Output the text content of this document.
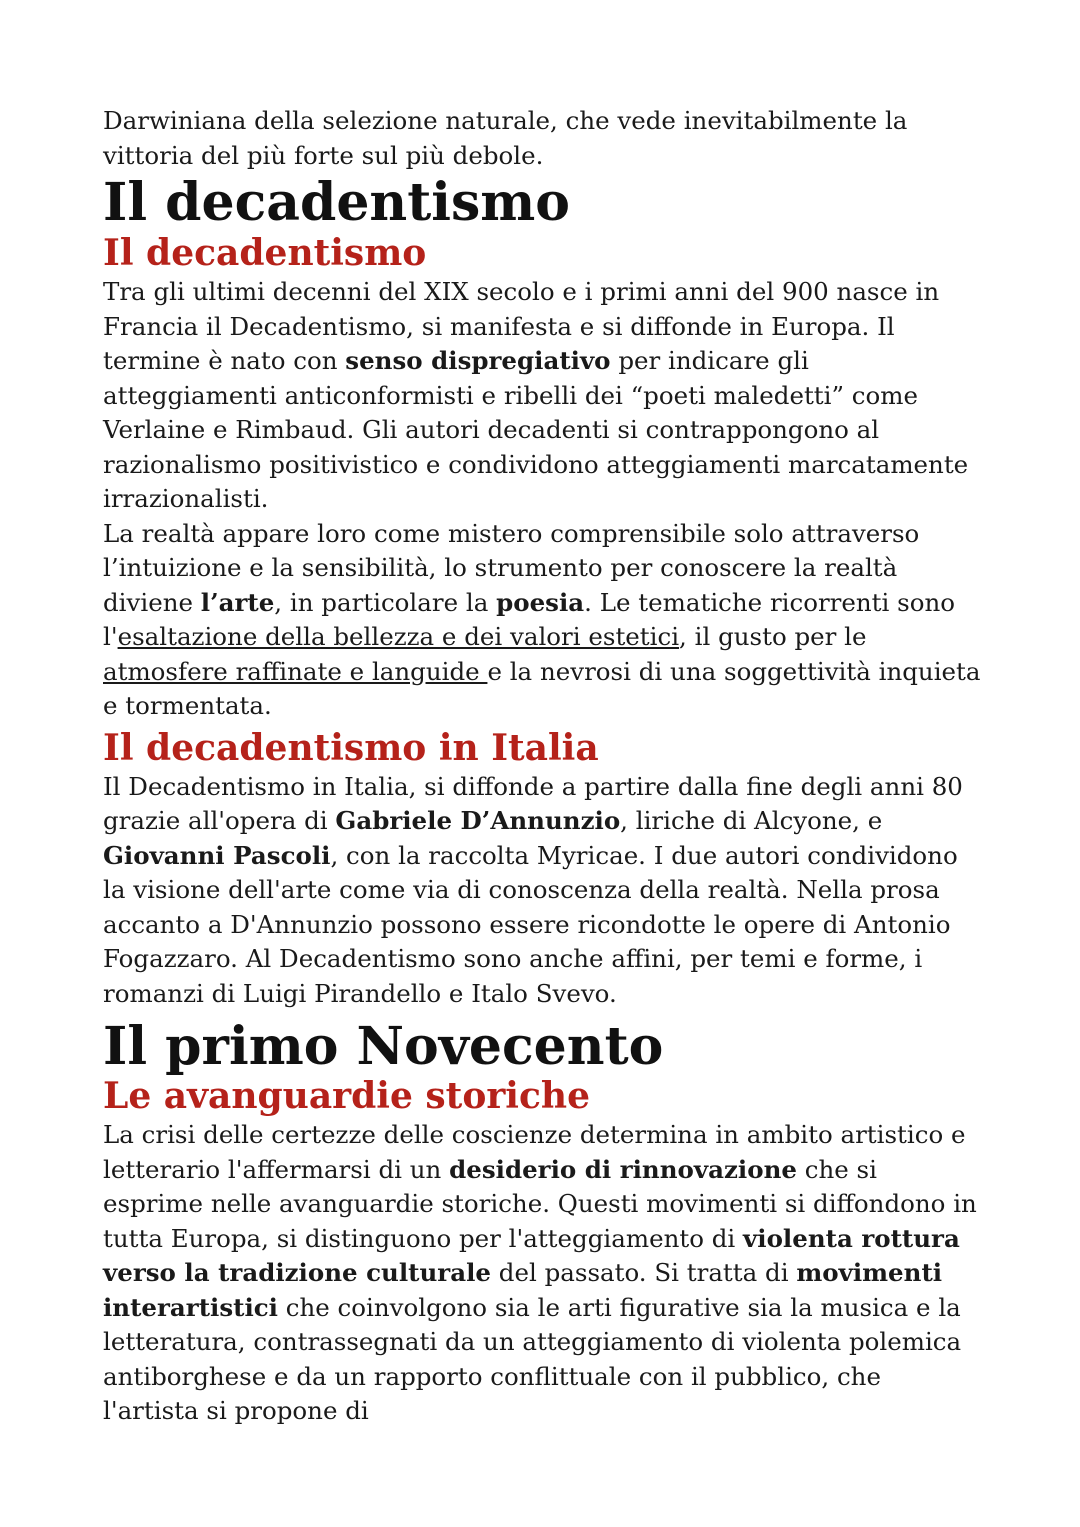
Darwiniana della selezione naturale, che vede inevitabilmente la vittoria del più forte sul più debole.

Il decadentismo
Il decadentismo

Tra gli ultimi decenni del XIX secolo e i primi anni del 900 nasce in Francia il Decadentismo, si manifesta e si diffonde in Europa. Il termine è nato con senso dispregiativo per indicare gli atteggiamenti anticonformisti e ribelli dei “poeti maledetti” come Verlaine e Rimbaud. Gli autori decadenti si contrappongono al razionalismo positivistico e condividono atteggiamenti marcatamente irrazionalisti.

La realtà appare loro come mistero comprensibile solo attraverso l’intuizione e la sensibilità, lo strumento per conoscere la realtà diviene l’arte, in particolare la poesia. Le tematiche ricorrenti sono l'esaltazione della bellezza e dei valori estetici, il gusto per le atmosfere raffinate e languide e la nevrosi di una soggettività inquieta e tormentata.

Il decadentismo in Italia

Il Decadentismo in Italia, si diffonde a partire dalla fine degli anni 80 grazie all'opera di Gabriele D’Annunzio, liriche di Alcyone, e Giovanni Pascoli, con la raccolta Myricae. I due autori condividono la visione dell'arte come via di conoscenza della realtà. Nella prosa accanto a D'Annunzio possono essere ricondotte le opere di Antonio Fogazzaro. Al Decadentismo sono anche affini, per temi e forme, i romanzi di Luigi Pirandello e Italo Svevo.

Il primo Novecento
Le avanguardie storiche

La crisi delle certezze delle coscienze determina in ambito artistico e letterario l'affermarsi di un desiderio di rinnovazione che si esprime nelle avanguardie storiche. Questi movimenti si diffondono in tutta Europa, si distinguono per l'atteggiamento di violenta rottura verso la tradizione culturale del passato. Si tratta di movimenti interartistici che coinvolgono sia le arti figurative sia la musica e la letteratura, contrassegnati da un atteggiamento di violenta polemica antiborghese e da un rapporto conflittuale con il pubblico, che l'artista si propone di
